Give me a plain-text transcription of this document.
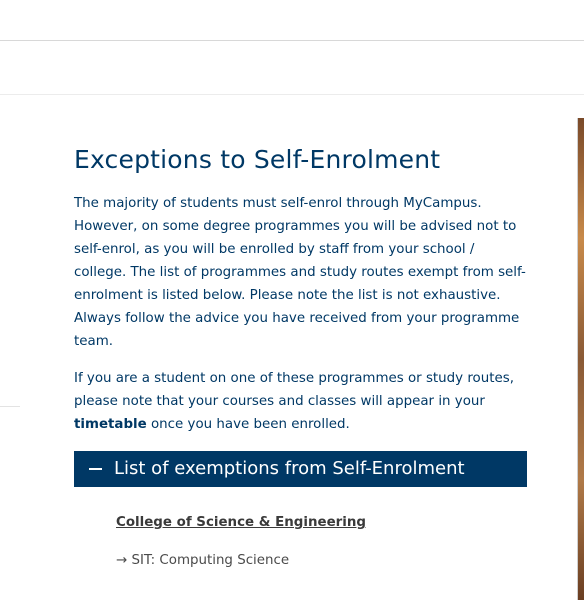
Exceptions to Self-Enrolment

The majority of students must self-enrol through MyCampus. However, on some degree programmes you will be advised not to self-enrol, as you will be enrolled by staff from your school / college. The list of programmes and study routes exempt from self-enrolment is listed below. Please note the list is not exhaustive. Always follow the advice you have received from your programme team.

If you are a student on one of these programmes or study routes, please note that your courses and classes will appear in your timetable once you have been enrolled.

List of exemptions from Self-Enrolment
College of Science & Engineering
→ SIT: Computing Science
